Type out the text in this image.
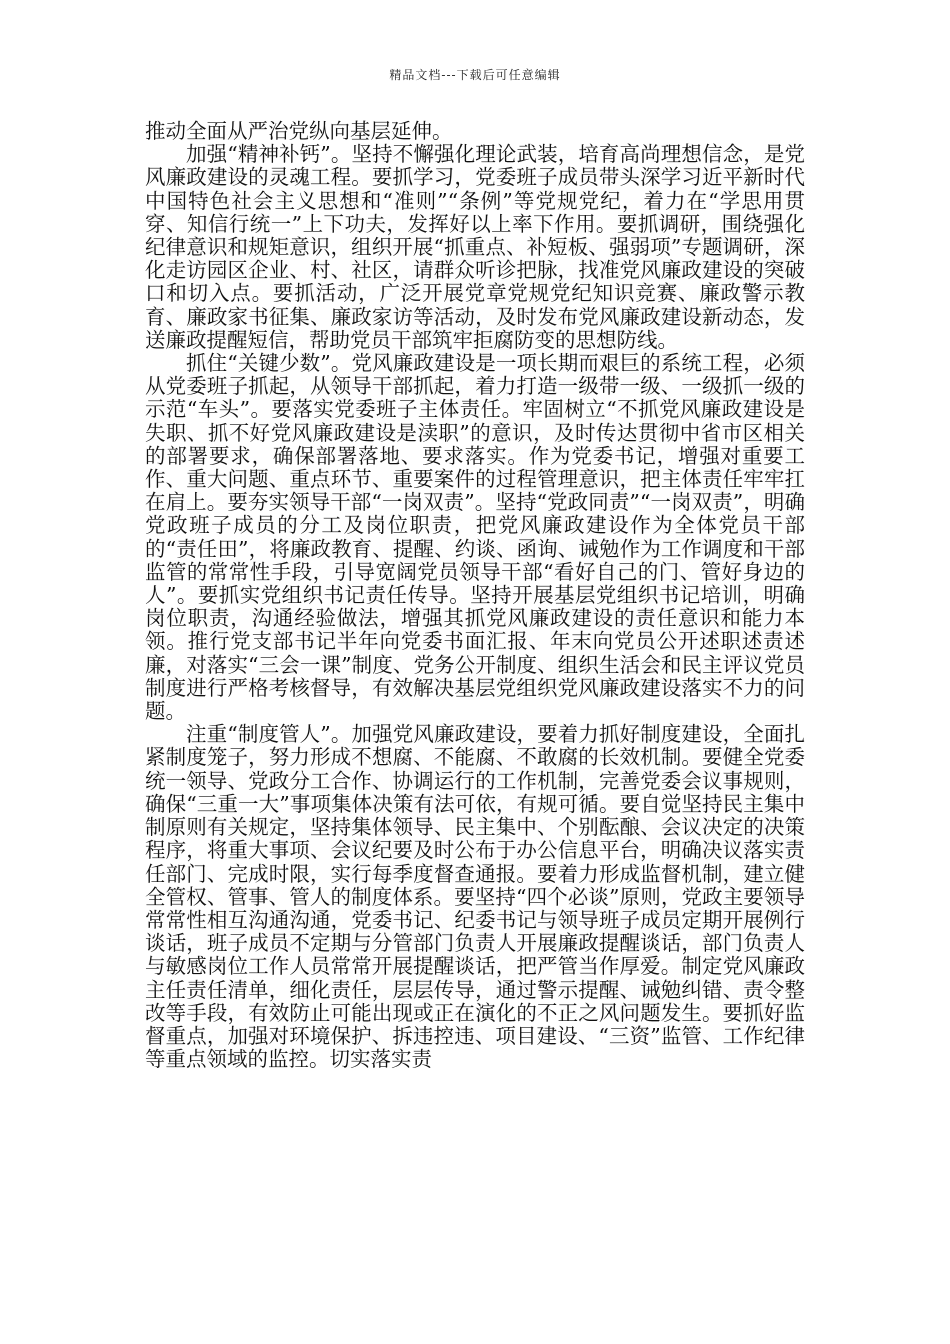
精品文档---下载后可任意编辑

推动全面从严治党纵向基层延伸。

加强“精神补钙”。坚持不懈强化理论武装，培育高尚理想信念，是党风廉政建设的灵魂工程。要抓学习，党委班子成员带头深学习近平新时代中国特色社会主义思想和“准则”“条例”等党规党纪，着力在“学思用贯穿、知信行统一”上下功夫，发挥好以上率下作用。要抓调研，围绕强化纪律意识和规矩意识，组织开展“抓重点、补短板、强弱项”专题调研，深化走访园区企业、村、社区，请群众听诊把脉，找准党风廉政建设的突破口和切入点。要抓活动，广泛开展党章党规党纪知识竞赛、廉政警示教育、廉政家书征集、廉政家访等活动，及时发布党风廉政建设新动态，发送廉政提醒短信，帮助党员干部筑牢拒腐防变的思想防线。

抓住“关键少数”。党风廉政建设是一项长期而艰巨的系统工程，必须从党委班子抓起，从领导干部抓起，着力打造一级带一级、一级抓一级的示范“车头”。要落实党委班子主体责任。牢固树立“不抓党风廉政建设是失职、抓不好党风廉政建设是渎职”的意识，及时传达贯彻中省市区相关的部署要求，确保部署落地、要求落实。作为党委书记，增强对重要工作、重大问题、重点环节、重要案件的过程管理意识，把主体责任牢牢扛在肩上。要夯实领导干部“一岗双责”。坚持“党政同责”“一岗双责”，明确党政班子成员的分工及岗位职责，把党风廉政建设作为全体党员干部的“责任田”，将廉政教育、提醒、约谈、函询、诫勉作为工作调度和干部监管的常常性手段，引导宽阔党员领导干部“看好自己的门、管好身边的人”。要抓实党组织书记责任传导。坚持开展基层党组织书记培训，明确岗位职责，沟通经验做法，增强其抓党风廉政建设的责任意识和能力本领。推行党支部书记半年向党委书面汇报、年末向党员公开述职述责述廉，对落实“三会一课”制度、党务公开制度、组织生活会和民主评议党员制度进行严格考核督导，有效解决基层党组织党风廉政建设落实不力的问题。

注重“制度管人”。加强党风廉政建设，要着力抓好制度建设，全面扎紧制度笼子，努力形成不想腐、不能腐、不敢腐的长效机制。要健全党委统一领导、党政分工合作、协调运行的工作机制，完善党委会议事规则，确保“三重一大”事项集体决策有法可依，有规可循。要自觉坚持民主集中制原则有关规定，坚持集体领导、民主集中、个别酝酿、会议决定的决策程序，将重大事项、会议纪要及时公布于办公信息平台，明确决议落实责任部门、完成时限，实行每季度督查通报。要着力形成监督机制，建立健全管权、管事、管人的制度体系。要坚持“四个必谈”原则，党政主要领导常常性相互沟通沟通，党委书记、纪委书记与领导班子成员定期开展例行谈话，班子成员不定期与分管部门负责人开展廉政提醒谈话，部门负责人与敏感岗位工作人员常常开展提醒谈话，把严管当作厚爱。制定党风廉政主任责任清单，细化责任，层层传导，通过警示提醒、诫勉纠错、责令整改等手段，有效防止可能出现或正在演化的不正之风问题发生。要抓好监督重点，加强对环境保护、拆违控违、项目建设、“三资”监管、工作纪律等重点领域的监控。切实落实责
